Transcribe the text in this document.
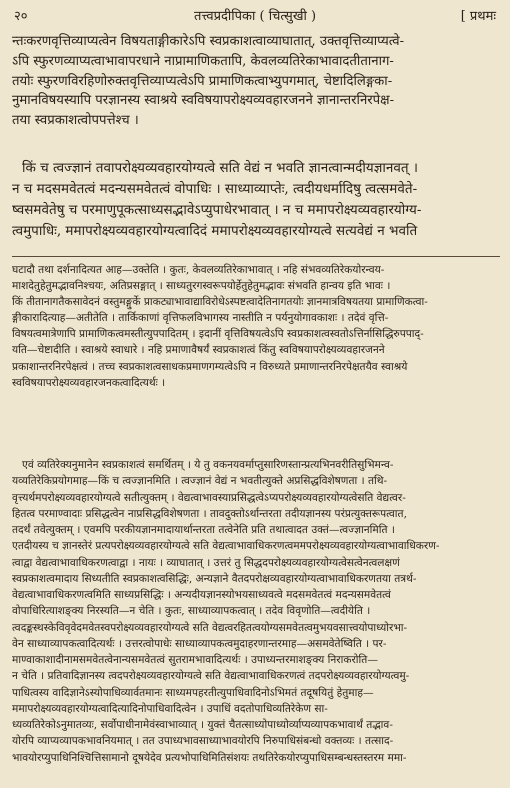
२०	तत्त्वप्रदीपिका ( चित्सुखी )	[ प्रथमः
न्तःकरणवृत्तिव्याप्यत्वेन विषयताङ्गीकारेऽपि स्वप्रकाशत्वाव्याघातात्, उक्तवृत्तिव्याप्यत्वे-
ऽपि स्फुरणव्याप्यत्वाभावापरधाने नाप्रामाणिकतापि, केवलव्यतिरेकाभावादतीतानाग-
तयोः स्फुरणविरहिणोरुक्तवृत्तिव्याप्यत्वेऽपि प्रामाणिकत्वाभ्युपगमात्, चेष्टादिलिङ्गका-
नुमानविषयस्यापि परज्ञानस्य स्वाश्रये स्वविषयापरोक्ष्यव्यवहारजनने ज्ञानान्तरनिरपेक्ष-
तया स्वप्रकाशत्वोपपत्तेश्च ।
किं च त्वज्ज्ञानं तवापरोक्ष्यव्यवहारयोग्यत्वे सति वेद्यं न भवति ज्ञानत्वान्मदीयज्ञानवत् ।
न च मदसमवेतत्वं मदन्यसमवेतत्वं वोपाधिः । साध्याव्याप्तेः, त्वदीयधर्मादिषु त्वत्समवेते-
ष्वसमवेतेषु च परमाणुपूकत्साध्यसद्भावेऽप्युपाधेरभावात् । न च ममापरोक्ष्यव्यवहारयोग्य-
त्वमुपाधिः, ममापरोक्ष्यव्यवहारयोग्यत्वादिदं ममापरोक्ष्यव्यवहारयोग्यत्वे सत्यवेद्यं न भवति
घटादौ तथा दर्शनादित्यत आह—उक्तेति । कुतः, केवलव्यतिरेकाभावात् । नहि संभवव्यतिरेकयोरन्वय-
माशदेतुहेतुमद्भावनिश्चयः, अतिप्रसङ्गात् । साध्यतुरगस्वरूपयोर्हेतुहेतुमद्भावः संभवति हान्वय इति भावः ।
किं तीतानागतैकसावेदनं वस्तुमङ्गुर्के प्राकट्याभावाद्याविरोधेऽस्पष्टत्वादेतिनागतयोः ज्ञानमात्रविषयतया प्रामाणिकत्वा-
ङ्गीकारादित्याह—अतीतेति । तार्किकाणां वृत्तिफलविभागस्य नास्तीति न पर्यनुयोगावकाशः । तदेवं वृत्ति-
विषयत्वमात्रेणापि प्रामाणिकत्वमस्तीत्युपपादितम् । इदानीं वृत्तिविषयत्वेऽपि स्वप्रकाशत्वस्वतोऽत्तिर्नासिद्धिरुपपाद्-
यति—चेष्टादीति । स्वाश्रये स्वाधारे । नहि प्रमाणावैषर्यं स्वप्रकाशत्वं किंतु स्वविषयापरोक्ष्यव्यवहारजनने
प्रकाशान्तरनिरपेक्षत्वं । तच्च स्वप्रकाशत्वसाधकप्रमाणगम्यत्वेऽपि न विरुध्यते प्रमाणान्तरनिरपेक्षतयैव स्वाश्रये
स्वविषयापरोक्ष्यव्यवहारजनकत्वादित्यर्थः ।
एवं व्यतिरेक्यनुमानेन स्वप्रकाशत्वं समर्थितम् । ये तु वकनयवर्माप्तुसारिणस्तान्प्रत्यभिनवरीतिसुभिमन्व-
यव्यतिरेकिप्रयोगमाह—किं च त्वज्ज्ञानमिति । त्वज्ज्ञानं वेद्यं न भवतीत्युक्ते अप्रसिद्धविशेषणता । तथि-
वृत्त्यर्थमपरोक्ष्यव्यवहारयोग्यत्वे सतीत्युक्तम् । वेद्यत्वाभावस्याप्रसिद्धत्वेऽप्यपरोक्ष्यव्यवहारयोग्यत्वेसति वेद्यत्वर-
हितत्व परमाण्वादाः प्रसिद्धत्वेन नाप्रसिद्धविशेषणता । तावदुक्तोऽर्थान्तरता तदीयज्ञानस्य परंप्रत्युक्तरूपत्वात,
तदर्थं तवेत्युक्तम् । एवमपि परकीयज्ञानमादायार्थान्तरता तत्वेनेति प्रति तथात्वादत उक्तं—त्वज्ज्ञानमिति ।
एतदीयस्य च ज्ञानस्तेरं प्रत्यपरोक्ष्यव्यवहारयोग्यत्वे सति वेद्यत्वाभावाधिकरणत्वममपरोक्ष्यव्यवहारयोग्यत्वाभावाधिकरण-
त्वाद्वा वेद्यत्वाभावाधिकरणत्वाद्वा । नायः । व्याघातात् । उत्तरं तु सिद्धदपरोक्ष्यव्यवहारयोग्यत्वेसत्वेनत्वलक्षणं
स्वप्रकाशत्वमादाय सिध्यतीति स्वप्रकाशत्वसिद्धिः, अन्यज्ञाने वैतदपरोक्षव्यवहारयोग्यत्वाभावाधिकरणतया तत्रर्थ-
वेद्यत्वाभावाधिकरणत्वमिति साध्यप्रसिद्धिः । अन्यदीयज्ञानस्योभयसाध्यवत्वे मदसमवेतत्वं मदन्यसमवेतत्वं
वोपाधिरित्याशङ्क्य निरस्यति—न चेति । कुतः, साध्याव्यापकत्वात् । तदेव विवृणोति—त्वदीयेति ।
त्वदङ्कस्थस्केविवृवेदमवेतस्वपरोक्ष्यव्यवहारयोग्यत्वे सति वेद्यत्वरहितत्वयोग्यसमवेतत्वमुभयवसात्त्वयोपाध्योरभा-
वेन साध्याव्यापकत्वादित्यर्थः । उत्तरत्वोपाधेः साध्याव्यापकत्वमुदाहरणान्तरमाह—असमवेतेष्विति । पर-
माण्वाकाशादीनामसमवेतत्वेनान्यसमवेतत्वं सुतरामभावादित्यर्थः । उपाध्यन्तरमाशङ्क्य निराकरोति—
न चेति । प्रतिवादिज्ञानस्य त्वदपरोक्ष्यव्यवहारयोग्यत्वे सति वेद्यत्वाभावाधिकरणत्वं तदपरोक्ष्यव्यवहारयोग्यत्वमु-
पाधित्वस्य वादिज्ञानेऽस्योपाधिव्यार्वतमानः साध्यमपहरतीत्युपाधिवादिनोऽभिमतं तदूषयितुं हेतुमाह—
ममापरोक्ष्यव्यवहारयोग्यत्वादित्यादिनोपाधिवादित्वेन । उपाधिं वदतोपाधिव्यतिरेकेण सा-
ध्यव्यतिरेकोऽनुमातव्यः, सर्वोपाधीनामेवंस्वाभाव्यात् । युक्तं चैतत्साध्योपाध्योर्व्याप्यव्यापकभावार्थं तद्भाव-
योरपि व्याप्यव्यापकभावनियमात् । तत उपाध्यभावसाध्याभावयोरपि निरुपाधिसंबन्धो वक्तव्यः । तत्साद-
भावयोरप्युपाधिनिश्चित्तिसामानो दूषयेदेव प्रत्यभोपाधिमितिसंशयः तथतिरेकयोरप्युपाधिसम्बन्धस्तस्तरम ममा-
